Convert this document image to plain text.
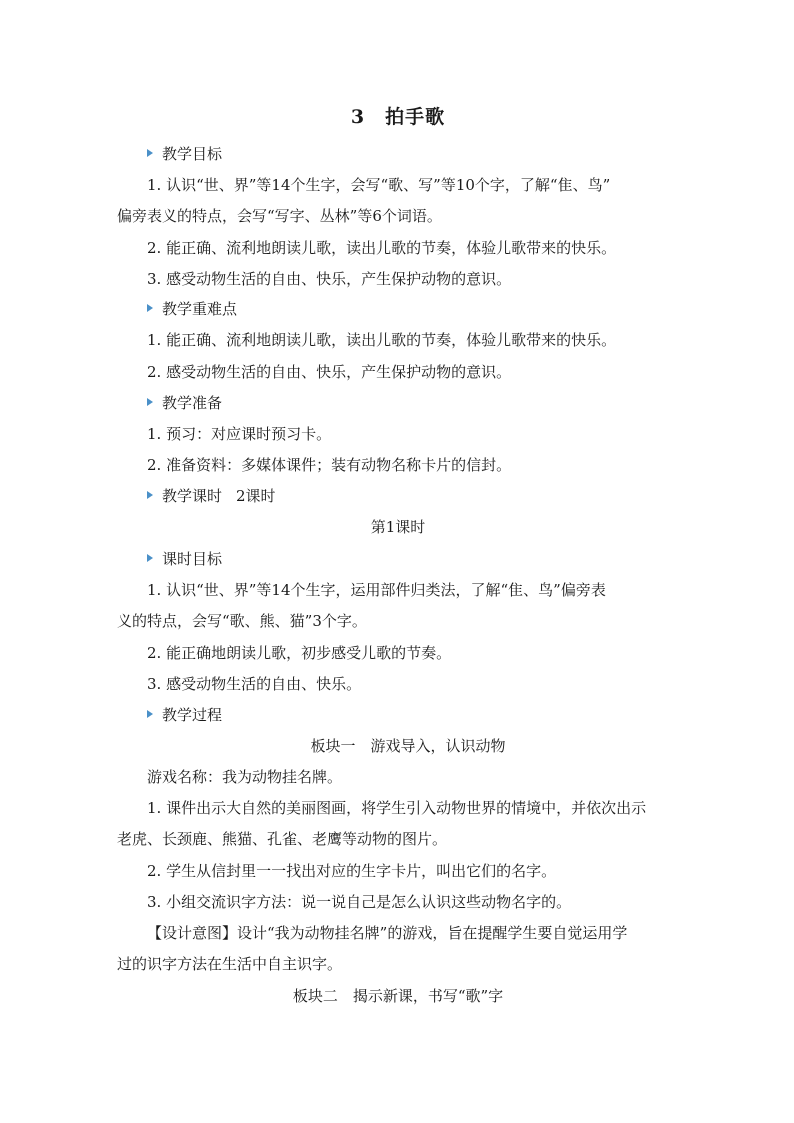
3 拍手歌
教学目标
1. 认识“世、界”等14个生字，会写“歌、写”等10个字，了解“隹、鸟”
偏旁表义的特点，会写“写字、丛林”等6个词语。
2. 能正确、流利地朗读儿歌，读出儿歌的节奏，体验儿歌带来的快乐。
3. 感受动物生活的自由、快乐，产生保护动物的意识。
教学重难点
1. 能正确、流利地朗读儿歌，读出儿歌的节奏，体验儿歌带来的快乐。
2. 感受动物生活的自由、快乐，产生保护动物的意识。
教学准备
1. 预习：对应课时预习卡。
2. 准备资料：多媒体课件；装有动物名称卡片的信封。
教学课时 2课时
第1课时
课时目标
1. 认识“世、界”等14个生字，运用部件归类法，了解“隹、鸟”偏旁表
义的特点，会写“歌、熊、猫”3个字。
2. 能正确地朗读儿歌，初步感受儿歌的节奏。
3. 感受动物生活的自由、快乐。
教学过程
板块一　游戏导入，认识动物
游戏名称：我为动物挂名牌。
1. 课件出示大自然的美丽图画，将学生引入动物世界的情境中，并依次出示
老虎、长颈鹿、熊猫、孔雀、老鹰等动物的图片。
2. 学生从信封里一一找出对应的生字卡片，叫出它们的名字。
3. 小组交流识字方法：说一说自己是怎么认识这些动物名字的。
【设计意图】设计“我为动物挂名牌”的游戏，旨在提醒学生要自觉运用学
过的识字方法在生活中自主识字。
板块二　揭示新课，书写“歌”字
